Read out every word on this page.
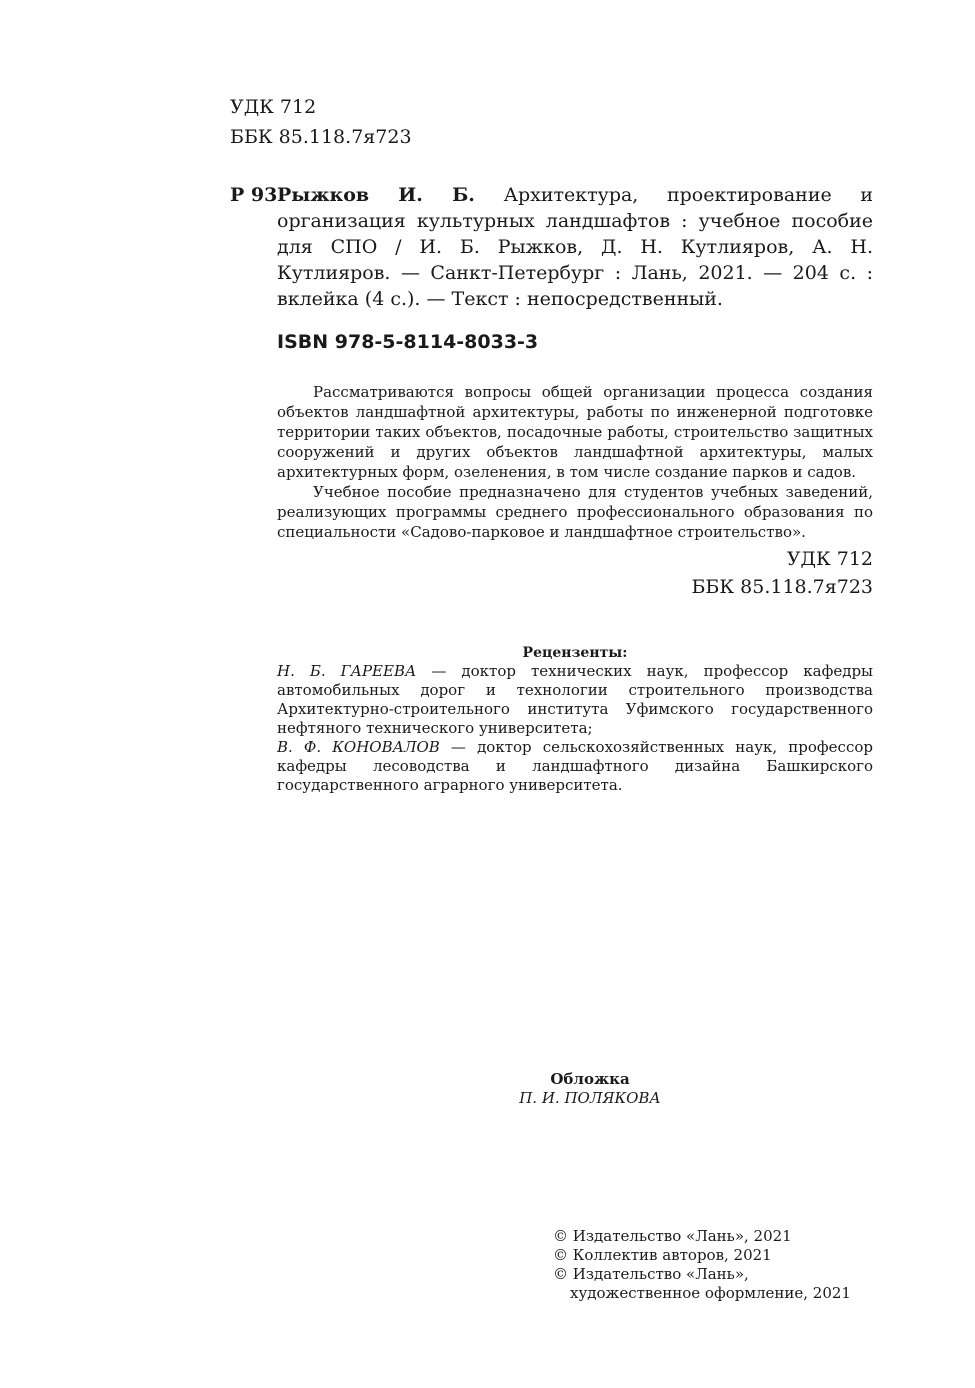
УДК 712
ББК 85.118.7я723
Р 93 Рыжков И. Б. Архитектура, проектирование и организация культурных ландшафтов : учебное пособие для СПО / И. Б. Рыжков, Д. Н. Кутлияров, А. Н. Кутлияров. — Санкт-Петербург : Лань, 2021. — 204 с. : вклейка (4 с.). — Текст : непосредственный.
ISBN 978-5-8114-8033-3

Рассматриваются вопросы общей организации процесса создания объектов ландшафтной архитектуры, работы по инженерной подготовке территории таких объектов, посадочные работы, строительство защитных сооружений и других объектов ландшафтной архитектуры, малых архитектурных форм, озеленения, в том числе создание парков и садов.

Учебное пособие предназначено для студентов учебных заведений, реализующих программы среднего профессионального образования по специальности «Садово-парковое и ландшафтное строительство».

УДК 712
ББК 85.118.7я723
Рецензенты:

Н. Б. ГАРЕЕВА — доктор технических наук, профессор кафедры автомобильных дорог и технологии строительного производства Архитектурно-строительного института Уфимского государственного нефтяного технического университета;

В. Ф. КОНОВАЛОВ — доктор сельскохозяйственных наук, профессор кафедры лесоводства и ландшафтного дизайна Башкирского государственного аграрного университета.

Обложка
П. И. ПОЛЯКОВА
© Издательство «Лань», 2021
© Коллектив авторов, 2021
© Издательство «Лань»,
художественное оформление, 2021
